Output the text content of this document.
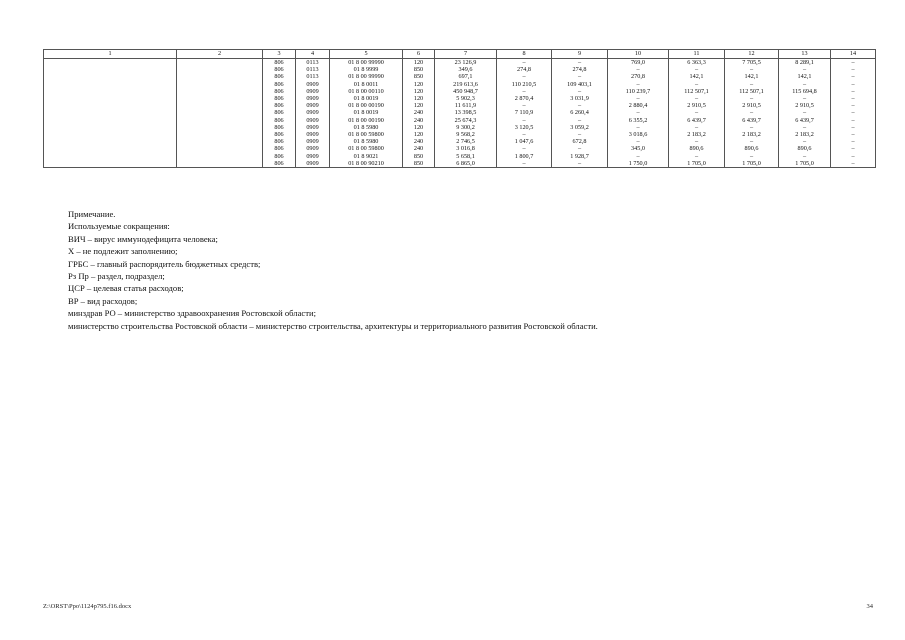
1	2	3	4	5	6	7	8	9	10	11	12	13	14
		806	0113	01 8 00 99990	120	23 126,9	–	–	769,0	6 363,3	7 705,5	8 289,1	–
		806	0113	01 8 9999	850	349,6	274,8	274,8	–	–	–	–	–
		806	0113	01 8 00 99990	850	697,1	–	–	270,8	142,1	142,1	142,1	–
		806	0909	01 8 0011	120	219 613,6	110 210,5	109 403,1	–	–	–	–	–
		806	0909	01 8 00 00110	120	450 948,7	–	–	110 239,7	112 507,1	112 507,1	115 694,8	–
		806	0909	01 8 0019	120	5 902,3	2 870,4	3 031,9	–	–	–	–	–
		806	0909	01 8 00 00190	120	11 611,9	–	–	2 880,4	2 910,5	2 910,5	2 910,5	–
		806	0909	01 8 0019	240	13 398,5	7 110,9	6 260,4	–	–	–	–	–
		806	0909	01 8 00 00190	240	25 674,3	–	–	6 355,2	6 439,7	6 439,7	6 439,7	–
		806	0909	01 8 5980	120	9 300,2	3 120,5	3 059,2	–	–	–	–	–
		806	0909	01 8 00 59800	120	9 568,2	–	–	3 018,6	2 183,2	2 183,2	2 183,2	–
		806	0909	01 8 5980	240	2 746,5	1 047,6	672,8	–	–	–	–	–
		806	0909	01 8 00 59800	240	3 016,8	–	–	345,0	890,6	890,6	890,6	–
		806	0909	01 8 9021	850	5 658,1	1 800,7	1 928,7	–	–	–	–	–
		806	0909	01 8 00 90210	850	6 865,0	–	–	1 750,0	1 705,0	1 705,0	1 705,0	–
Примечание.
Используемые сокращения:
ВИЧ – вирус иммунодефицита человека;
Х – не подлежит заполнению;
ГРБС – главный распорядитель бюджетных средств;
Рз Пр – раздел, подраздел;
ЦСР – целевая статья расходов;
ВР – вид расходов;
минздрав РО – министерство здравоохранения Ростовской области;
министерство строительства Ростовской области – министерство строительства, архитектуры и территориального развития Ростовской области.
Z:\ORST\Ppo\1124p795.f16.docx	34
